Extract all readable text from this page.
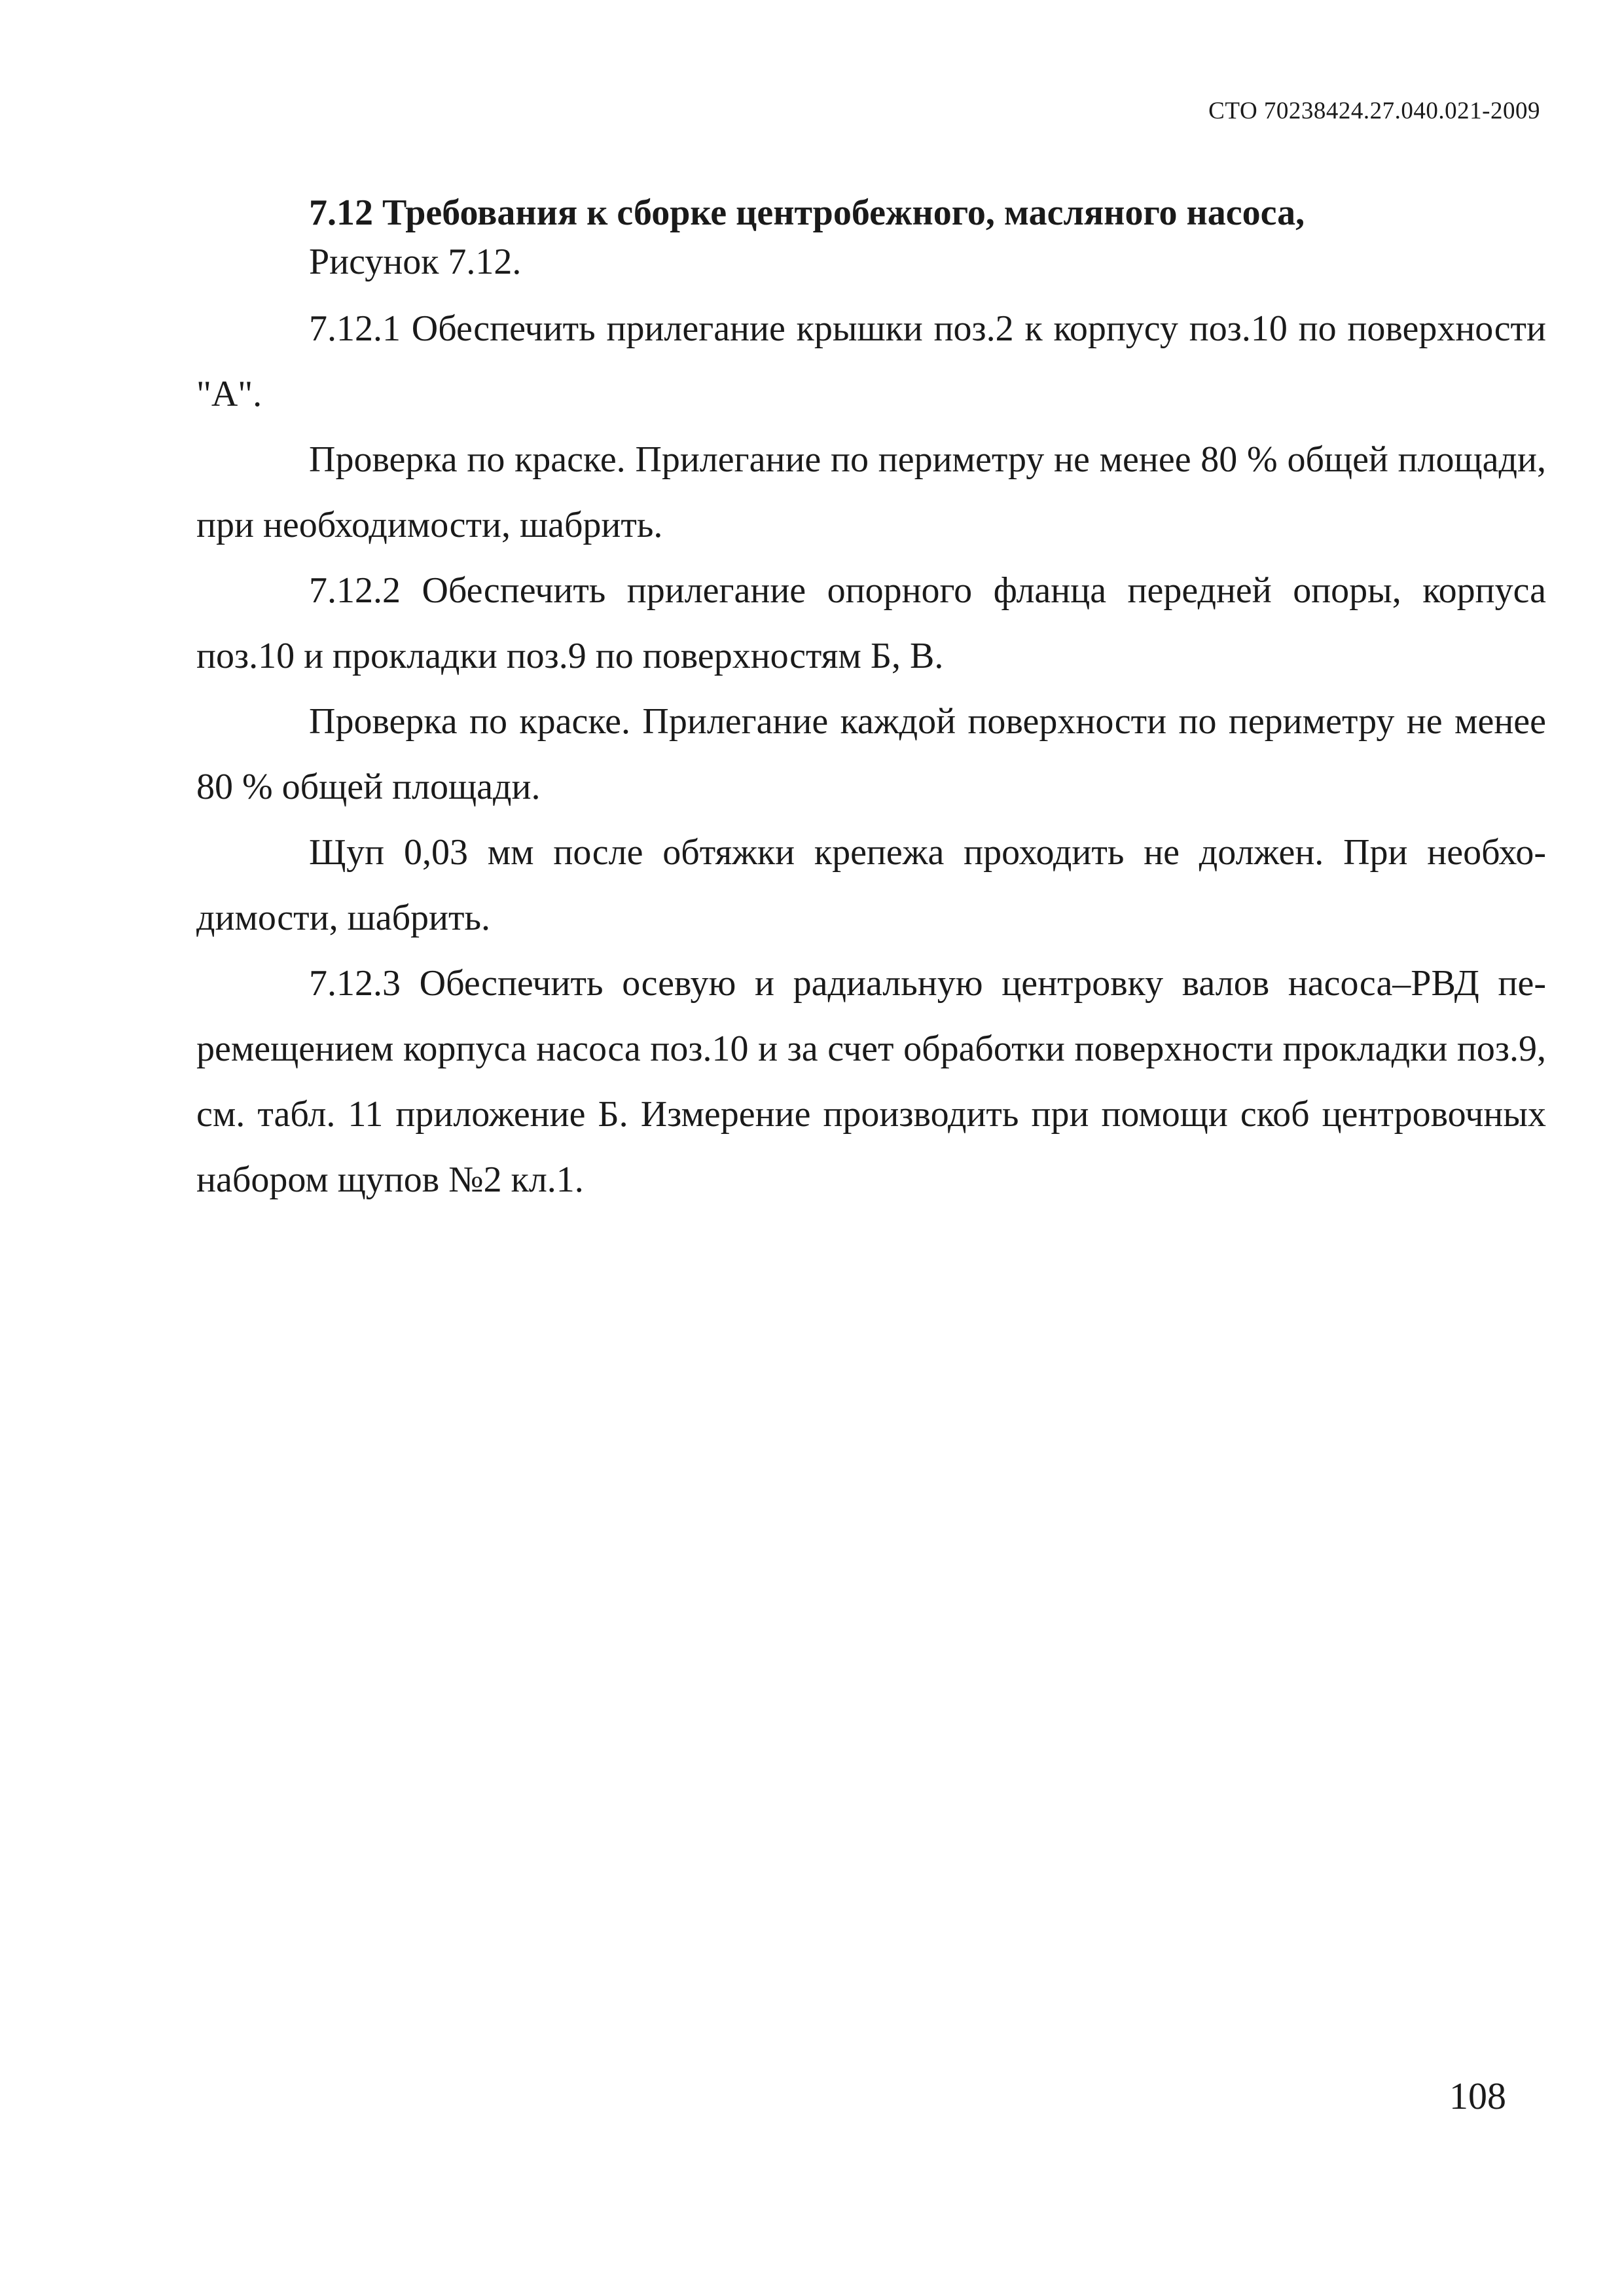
СТО 70238424.27.040.021-2009

7.12 Требования к сборке центробежного, масляного насоса,

Рисунок 7.12.

7.12.1 Обеспечить прилегание крышки поз.2 к корпусу поз.10 по поверхности "А".

Проверка по краске. Прилегание по периметру не менее 80 % общей площади, при необходимости, шабрить.

7.12.2 Обеспечить прилегание опорного фланца передней опоры, корпуса поз.10 и прокладки поз.9 по поверхностям Б, В.

Проверка по краске. Прилегание каждой поверхности по периметру не менее 80 % общей площади.

Щуп 0,03 мм после обтяжки крепежа проходить не должен. При необходимости, шабрить.

7.12.3 Обеспечить осевую и радиальную центровку валов насоса–РВД перемещением корпуса насоса поз.10 и за счет обработки поверхности прокладки поз.9, см. табл. 11 приложение Б. Измерение производить при помощи скоб центровочных набором щупов №2 кл.1.

108
